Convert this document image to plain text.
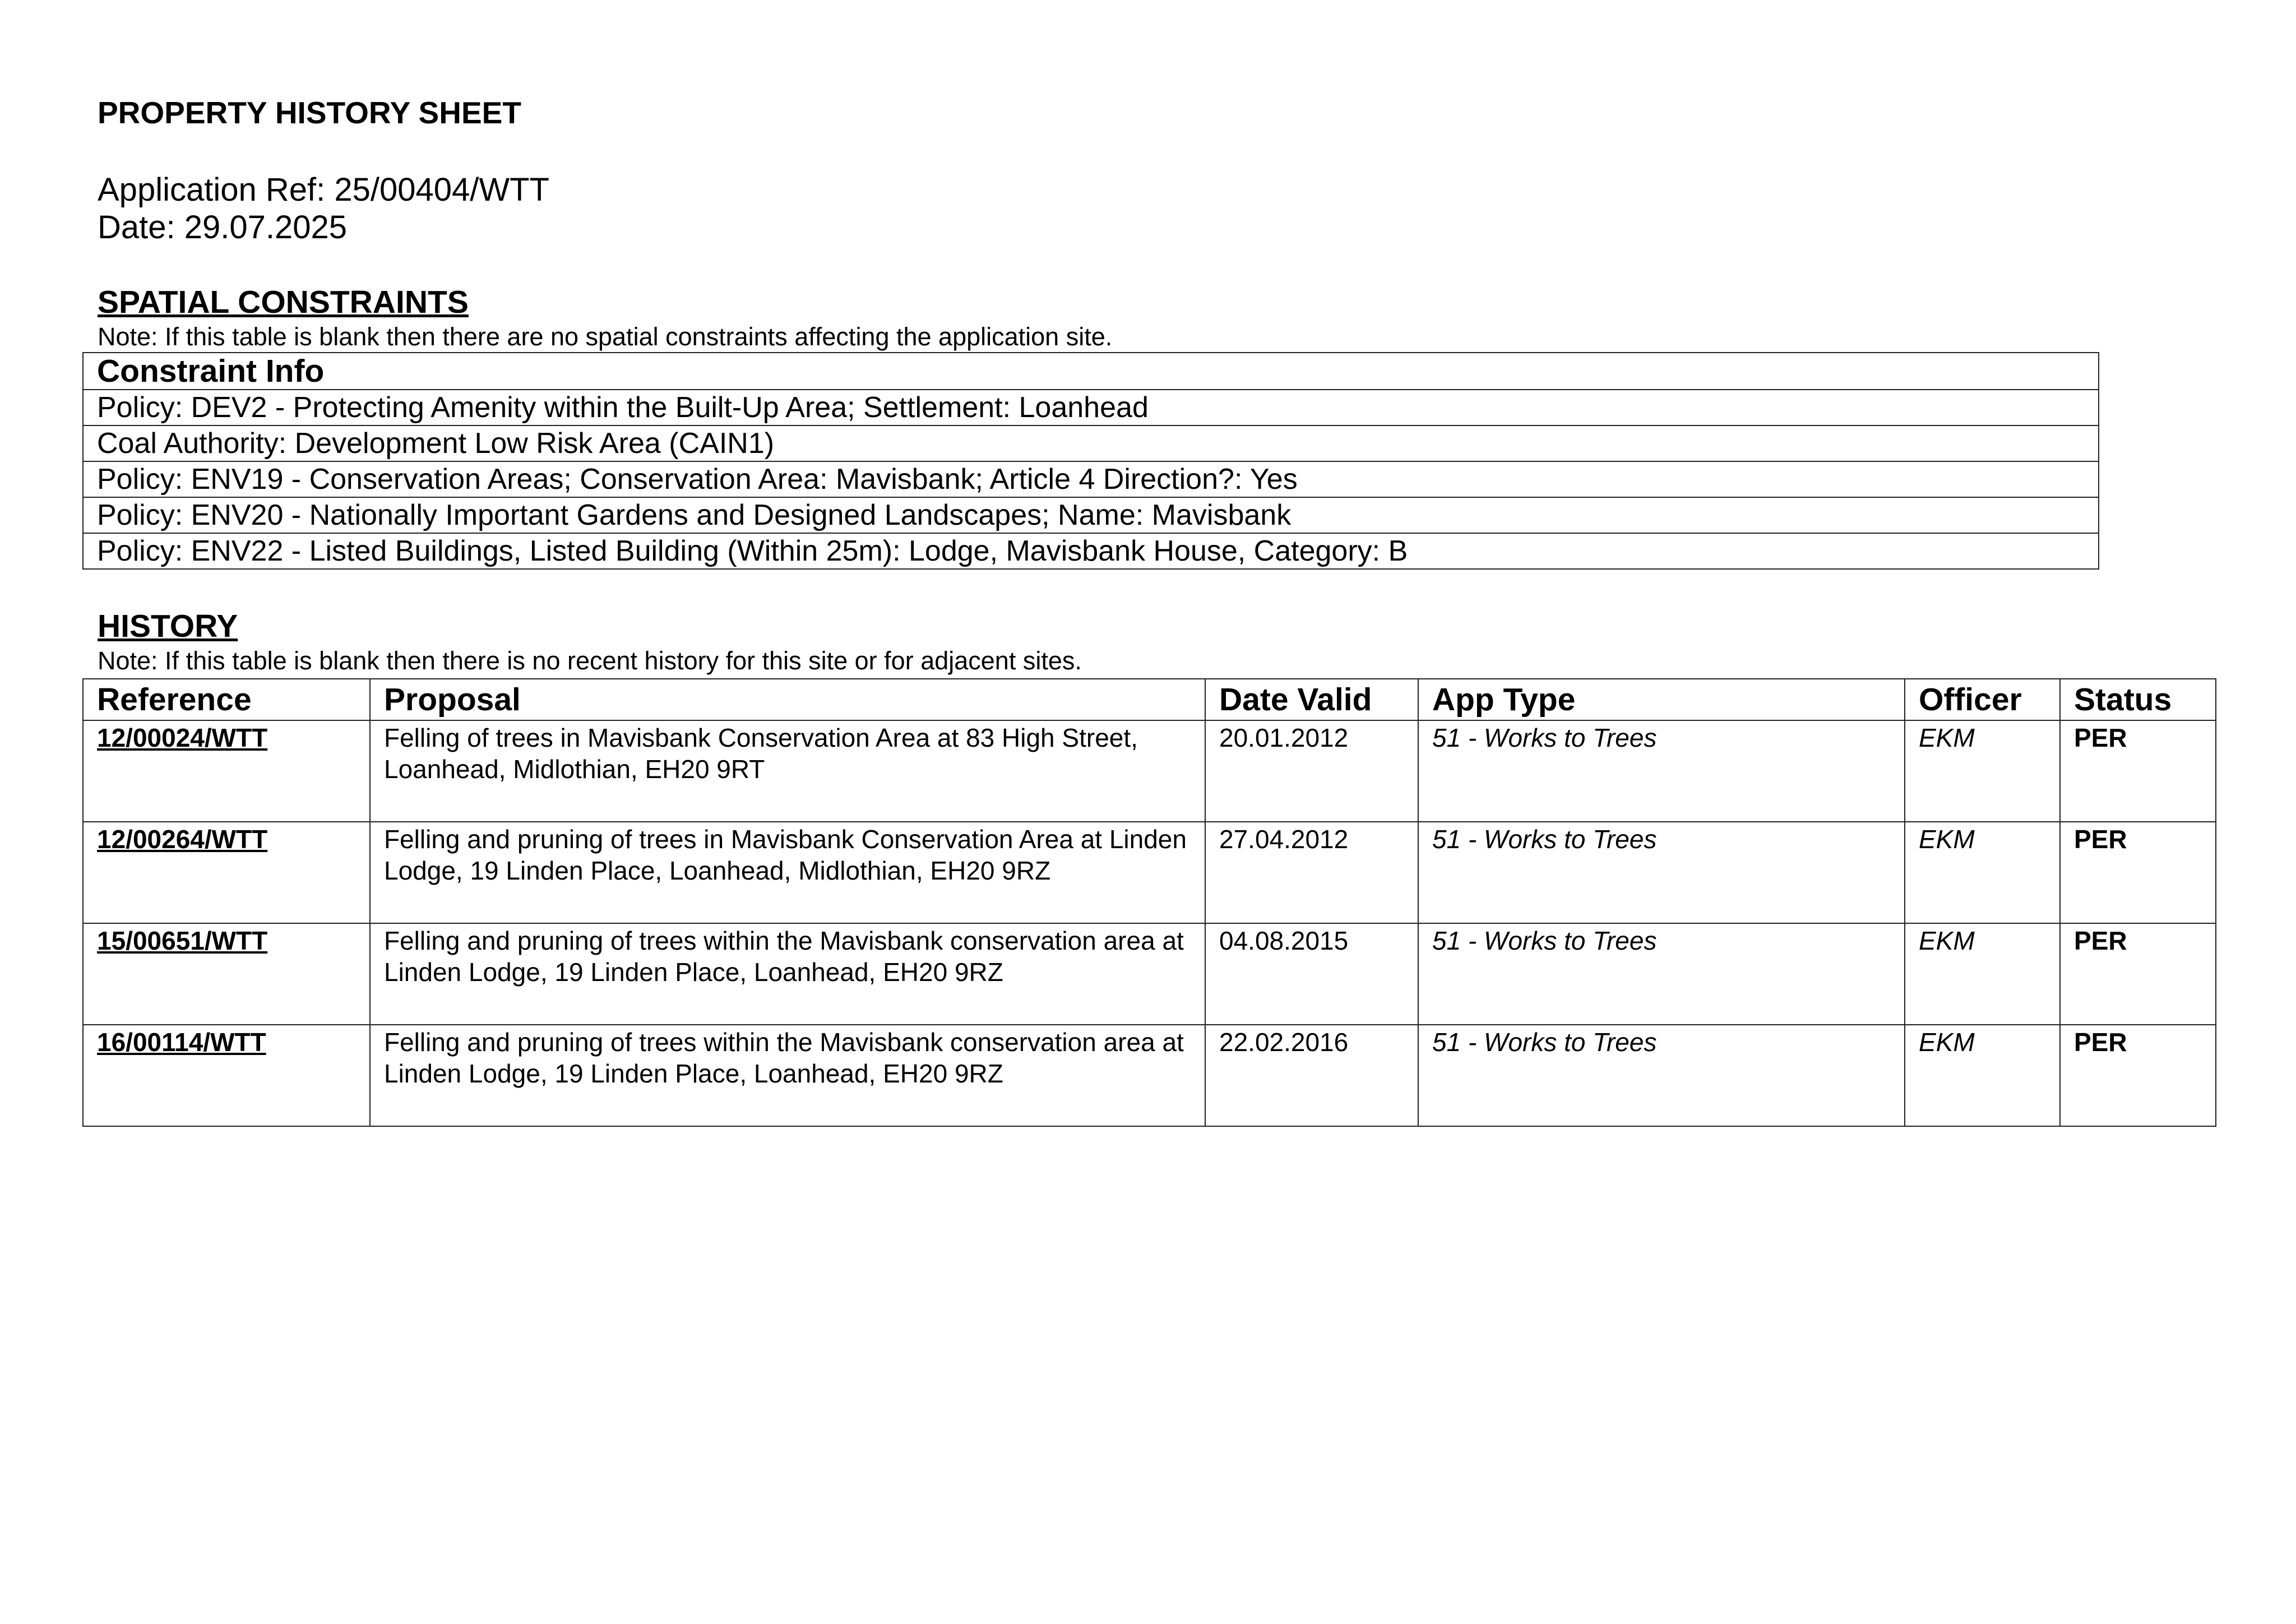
PROPERTY HISTORY SHEET
Application Ref: 25/00404/WTT
Date: 29.07.2025
SPATIAL CONSTRAINTS
Note: If this table is blank then there are no spatial constraints affecting the application site.
Constraint Info
Policy: DEV2 - Protecting Amenity within the Built-Up Area; Settlement: Loanhead
Coal Authority: Development Low Risk Area (CAIN1)
Policy: ENV19 - Conservation Areas; Conservation Area: Mavisbank; Article 4 Direction?: Yes
Policy: ENV20 - Nationally Important Gardens and Designed Landscapes; Name: Mavisbank
Policy: ENV22 - Listed Buildings, Listed Building (Within 25m): Lodge, Mavisbank House, Category: B
HISTORY
Note: If this table is blank then there is no recent history for this site or for adjacent sites.
Reference	Proposal	Date Valid	App Type	Officer	Status
12/00024/WTT	Felling of trees in Mavisbank Conservation Area at 83 High Street, Loanhead, Midlothian, EH20 9RT	20.01.2012	51 - Works to Trees	EKM	PER
12/00264/WTT	Felling and pruning of trees in Mavisbank Conservation Area at Linden Lodge, 19 Linden Place, Loanhead, Midlothian, EH20 9RZ	27.04.2012	51 - Works to Trees	EKM	PER
15/00651/WTT	Felling and pruning of trees within the Mavisbank conservation area at Linden Lodge, 19 Linden Place, Loanhead, EH20 9RZ	04.08.2015	51 - Works to Trees	EKM	PER
16/00114/WTT	Felling and pruning of trees within the Mavisbank conservation area at Linden Lodge, 19 Linden Place, Loanhead, EH20 9RZ	22.02.2016	51 - Works to Trees	EKM	PER
